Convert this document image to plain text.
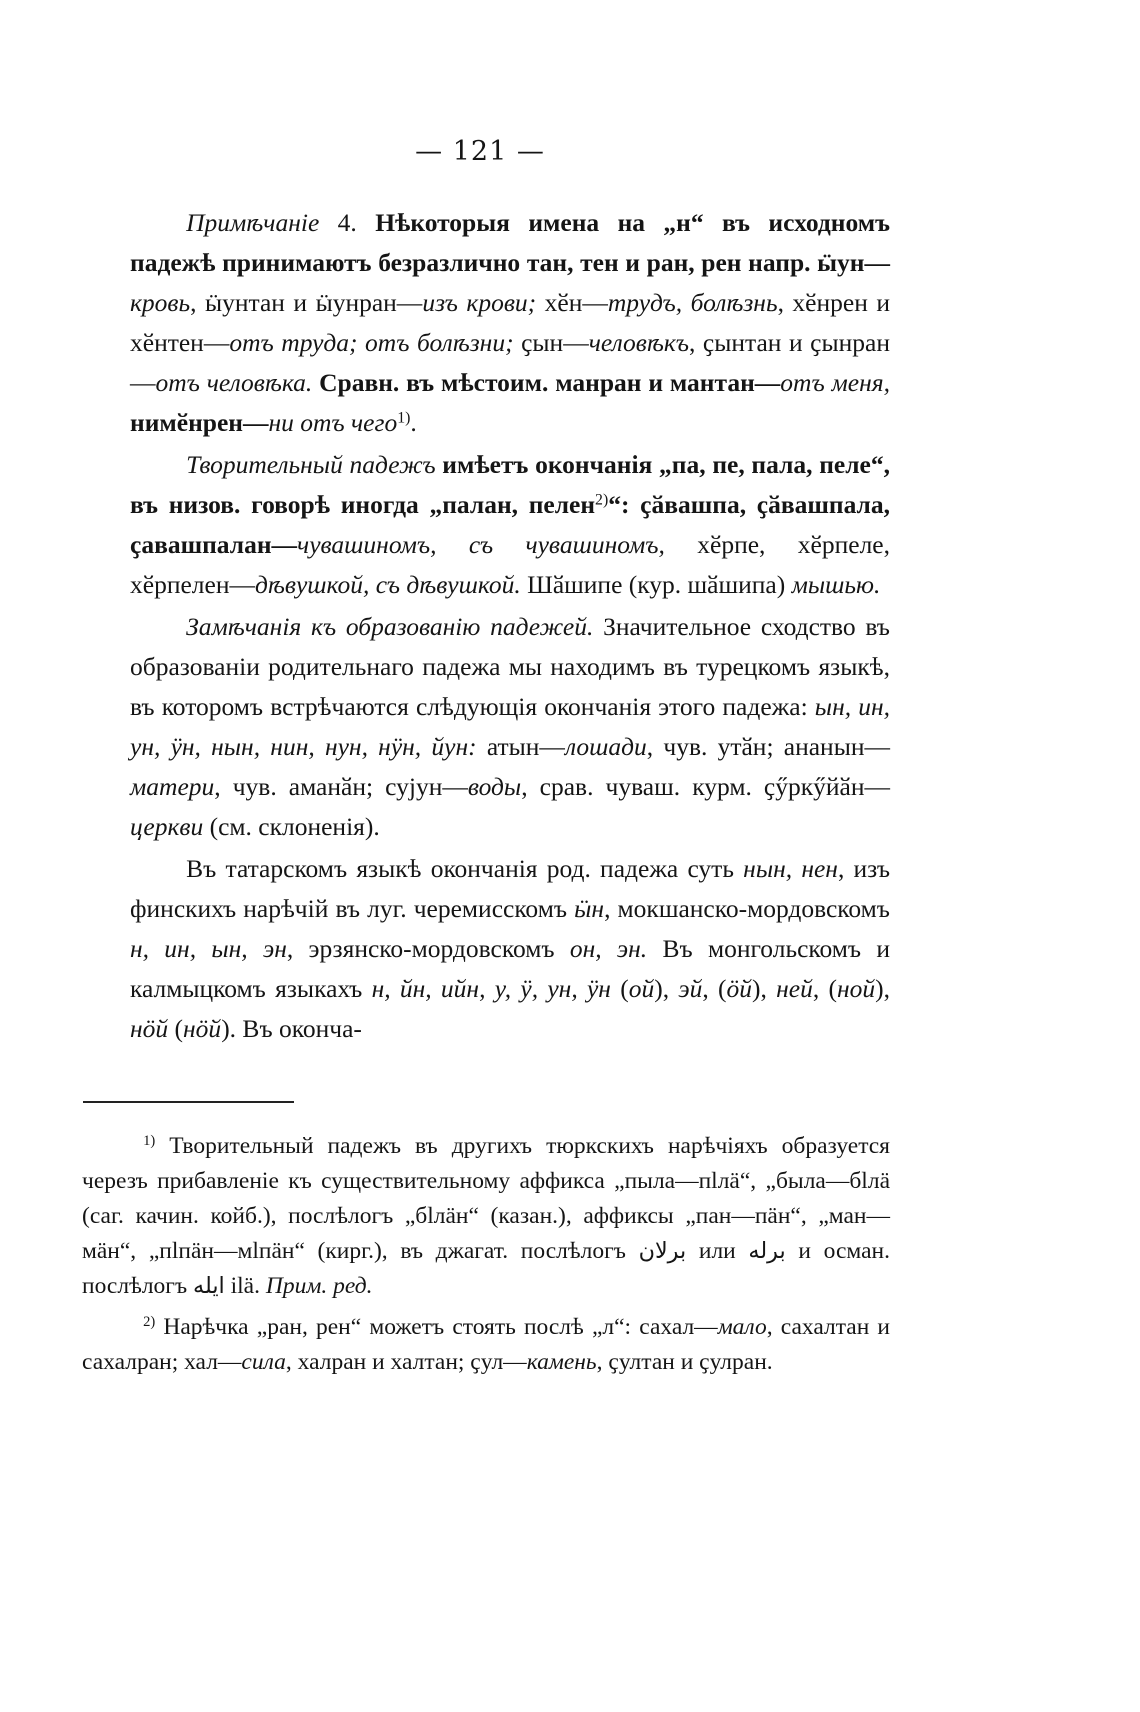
— 121 —

Примѣчаніе 4. Нѣкоторыя имена на „н“ въ исходномъ падежѣ принимаютъ безразлично тан, тен и ран, рен напр. ӹун—кровь, ӹунтан и ӹунран—изъ крови; хӗн—трудъ, болѣзнь, хӗнрен и хӗнтен—отъ труда; отъ болѣзни; ҫын—человѣкъ, ҫынтан и ҫынран—отъ человѣка. Сравн. въ мѣстоим. манран и мантан—отъ меня, нимӗнрен—ни отъ чего$^{1)}$.

Творительный падежъ имѣетъ окончанія „па, пе, пала, пеле“, въ низов. говорѣ иногда „палан, пелен$^{2)}$“: ҫӑвашпа, ҫӑвашпала, ҫавашпалан—чувашиномъ, съ чувашиномъ, хӗрпе, хӗрпеле, хӗрпелен—дѣвушкой, съ дѣвушкой. Шӑшипе (кур. шӑшипа) мышью.

Замѣчанія къ образованію падежей. Значительное сходство въ образованіи родительнаго падежа мы находимъ въ турецкомъ языкѣ, въ которомъ встрѣчаются слѣдующія окончанія этого падежа: ын, ин, ун, ӱн, нын, нин, нун, нӱн, йун: атын—лошади, чув. утӑн; ананын—матери, чув. аманӑн; суjун—воды, срав. чуваш. курм. ҫӳркӳйӑн—церкви (см. склоненія).

Въ татарскомъ языкѣ окончанія род. падежа суть нын, нен, изъ финскихъ нарѣчій въ луг. черемисскомъ ӹн, мокшанско-мордовскомъ н, ин, ын, эн, эрзянско-мордовскомъ он, эн. Въ монгольскомъ и калмыцкомъ языкахъ н, йн, ийн, у, ӱ, ун, ӱн (ой), эй, (ӧй), ней, (ной), нӧй (нӧй). Въ оконча-

$^{1)}$ Творительный падежъ въ другихъ тюркскихъ нарѣчіяхъ образуется черезъ прибавленіе къ существительному аффикса „пыла—пӏлӓ“, „была—бӏлӓ (саг. качин. койб.), послѣлогъ „бӏлӓн“ (казан.), аффиксы „пан—пӓн“, „ман—мӓн“, „пӏпӓн—мӏпӓн“ (кирг.), въ джагат. послѣлогъ برلان или برله и осман. послѣлогъ ايله ilä. Прим. ред.

$^{2)}$ Нарѣчка „ран, рен“ можетъ стоять послѣ „л“: сахал—мало, сахалтан и сахалран; хал—сила, халран и халтан; ҫул—камень, ҫултан и ҫулран.
